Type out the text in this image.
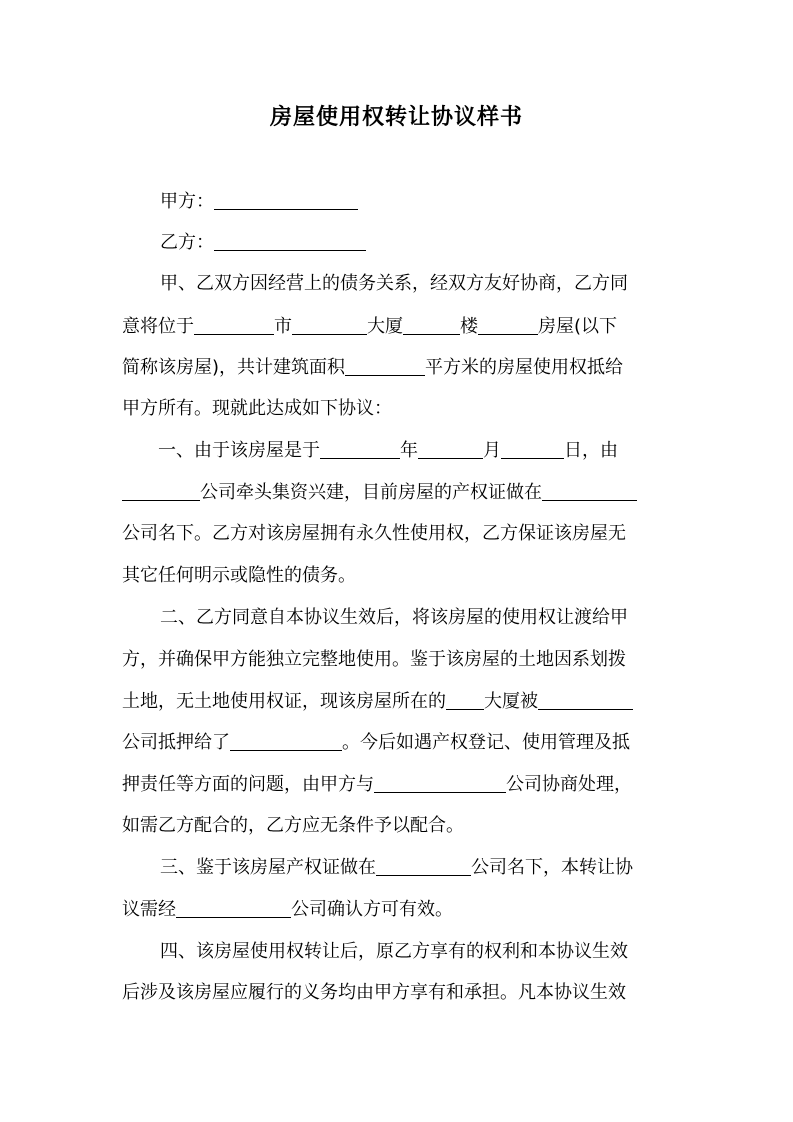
房屋使用权转让协议样书
甲方：
乙方：
甲、乙双方因经营上的债务关系，经双方友好协商，乙方同
意将位于	市	大厦	楼	房屋(以下
简称该房屋)，共计建筑面积	平方米的房屋使用权抵给
甲方所有。现就此达成如下协议：
一、由于该房屋是于	年	月	日，由
公司牵头集资兴建，目前房屋的产权证做在
公司名下。乙方对该房屋拥有永久性使用权，乙方保证该房屋无
其它任何明示或隐性的债务。
二、乙方同意自本协议生效后，将该房屋的使用权让渡给甲
方，并确保甲方能独立完整地使用。鉴于该房屋的土地因系划拨
土地，无土地使用权证，现该房屋所在的 大厦被
公司抵押给了	。今后如遇产权登记、使用管理及抵
押责任等方面的问题，由甲方与	公司协商处理，
如需乙方配合的，乙方应无条件予以配合。
三、鉴于该房屋产权证做在	公司名下，本转让协
议需经	公司确认方可有效。
四、该房屋使用权转让后，原乙方享有的权利和本协议生效
后涉及该房屋应履行的义务均由甲方享有和承担。凡本协议生效
